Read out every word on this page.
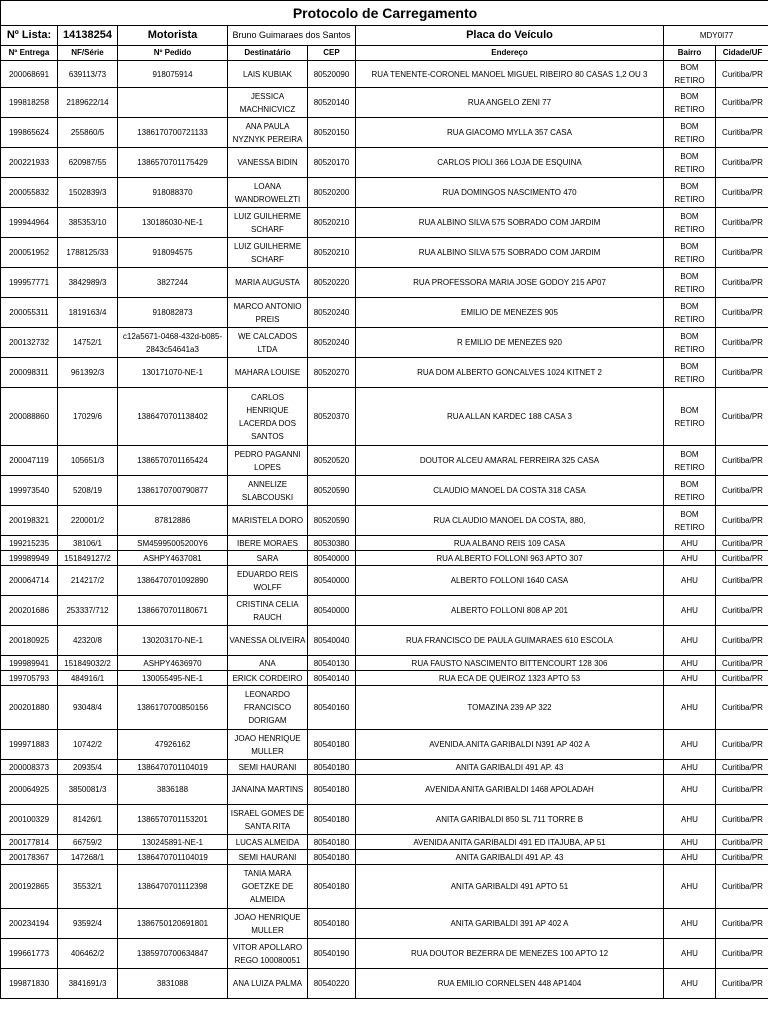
Protocolo de Carregamento							
Nº Lista:	14138254	Motorista	Bruno Guimaraes dos Santos		Placa do Veículo	MDY0I77	
Nº Entrega	NF/Série	Nº Pedido	Destinatário	CEP	Endereço	Bairro	Cidade/UF
200068691	639113/73	918075914	LAIS KUBIAK	80520090	RUA TENENTE-CORONEL MANOEL MIGUEL RIBEIRO 80 CASAS 1,2 OU 3	BOM RETIRO	Curitiba/PR
199818258	2189622/14		JESSICA MACHNICVICZ	80520140	RUA ANGELO ZENI 77	BOM RETIRO	Curitiba/PR
199865624	255860/5	1386170700721133	ANA PAULA NYZNYK PEREIRA	80520150	RUA GIACOMO MYLLA 357 CASA	BOM RETIRO	Curitiba/PR
200221933	620987/55	1386570701175429	VANESSA BIDIN	80520170	CARLOS PIOLI 366 LOJA DE ESQUINA	BOM RETIRO	Curitiba/PR
200055832	1502839/3	918088370	LOANA WANDROWELZTI	80520200	RUA DOMINGOS NASCIMENTO 470	BOM RETIRO	Curitiba/PR
199944964	385353/10	130186030-NE-1	LUIZ GUILHERME SCHARF	80520210	RUA ALBINO SILVA 575 SOBRADO COM JARDIM	BOM RETIRO	Curitiba/PR
200051952	1788125/33	918094575	LUIZ GUILHERME SCHARF	80520210	RUA ALBINO SILVA 575 SOBRADO COM JARDIM	BOM RETIRO	Curitiba/PR
199957771	3842989/3	3827244	MARIA AUGUSTA	80520220	RUA PROFESSORA MARIA JOSE GODOY 215 AP07	BOM RETIRO	Curitiba/PR
200055311	1819163/4	918082873	MARCO ANTONIO PREIS	80520240	EMILIO DE MENEZES 905	BOM RETIRO	Curitiba/PR
200132732	14752/1	c12a5671-0468-432d-b085-2843c54641a3	WE CALCADOS LTDA	80520240	R EMILIO DE MENEZES 920	BOM RETIRO	Curitiba/PR
200098311	961392/3	130171070-NE-1	MAHARA LOUISE	80520270	RUA DOM ALBERTO GONCALVES 1024 KITNET 2	BOM RETIRO	Curitiba/PR
200088860	17029/6	1386470701138402	CARLOS HENRIQUE LACERDA DOS SANTOS	80520370	RUA ALLAN KARDEC 188 CASA 3	BOM RETIRO	Curitiba/PR
200047119	105651/3	1386570701165424	PEDRO PAGANNI LOPES	80520520	DOUTOR ALCEU AMARAL FERREIRA 325 CASA	BOM RETIRO	Curitiba/PR
199973540	5208/19	1386170700790877	ANNELIZE SLABCOUSKI	80520590	CLAUDIO MANOEL DA COSTA 318 CASA	BOM RETIRO	Curitiba/PR
200198321	220001/2	87812886	MARISTELA DORO	80520590	RUA CLAUDIO MANOEL DA COSTA, 880,	BOM RETIRO	Curitiba/PR
199215235	38106/1	SM45995005200Y6	IBERE MORAES	80530380	RUA ALBANO REIS 109 CASA	AHU	Curitiba/PR
199989949	151849127/2	ASHPY4637081	SARA	80540000	RUA ALBERTO FOLLONI 963 APTO 307	AHU	Curitiba/PR
200064714	214217/2	1386470701092890	EDUARDO REIS WOLFF	80540000	ALBERTO FOLLONI 1640 CASA	AHU	Curitiba/PR
200201686	253337/712	1386670701180671	CRISTINA CELIA RAUCH	80540000	ALBERTO FOLLONI 808 AP 201	AHU	Curitiba/PR
200180925	42320/8	130203170-NE-1	VANESSA OLIVEIRA	80540040	RUA FRANCISCO DE PAULA GUIMARAES 610 ESCOLA	AHU	Curitiba/PR
199989941	151849032/2	ASHPY4636970	ANA	80540130	RUA FAUSTO NASCIMENTO BITTENCOURT 128 306	AHU	Curitiba/PR
199705793	484916/1	130055495-NE-1	ERICK CORDEIRO	80540140	RUA ECA DE QUEIROZ 1323 APTO 53	AHU	Curitiba/PR
200201880	93048/4	1386170700850156	LEONARDO FRANCISCO DORIGAM	80540160	TOMAZINA 239 AP 322	AHU	Curitiba/PR
199971883	10742/2	47926162	JOAO HENRIQUE MULLER	80540180	AVENIDA.ANITA GARIBALDI N391 AP 402 A	AHU	Curitiba/PR
200008373	20935/4	1386470701104019	SEMI HAURANI	80540180	ANITA GARIBALDI 491 AP. 43	AHU	Curitiba/PR
200064925	3850081/3	3836188	JANAINA MARTINS	80540180	AVENIDA ANITA GARIBALDI 1468 APOLADAH	AHU	Curitiba/PR
200100329	81426/1	1386570701153201	ISRAEL GOMES DE SANTA RITA	80540180	ANITA GARIBALDI 850 SL 711 TORRE B	AHU	Curitiba/PR
200177814	66759/2	130245891-NE-1	LUCAS ALMEIDA	80540180	AVENIDA ANITA GARIBALDI 491 ED ITAJUBA, AP 51	AHU	Curitiba/PR
200178367	147268/1	1386470701104019	SEMI HAURANI	80540180	ANITA GARIBALDI 491 AP. 43	AHU	Curitiba/PR
200192865	35532/1	1386470701112398	TANIA MARA GOETZKE DE ALMEIDA	80540180	ANITA GARIBALDI 491 APTO 51	AHU	Curitiba/PR
200234194	93592/4	1386750120691801	JOAO HENRIQUE MULLER	80540180	ANITA GARIBALDI 391 AP 402 A	AHU	Curitiba/PR
199661773	406462/2	1385970700634847	VITOR APOLLARO REGO 100080051	80540190	RUA DOUTOR BEZERRA DE MENEZES 100 APTO 12	AHU	Curitiba/PR
199871830	3841691/3	3831088	ANA LUIZA PALMA	80540220	RUA EMILIO CORNELSEN 448 AP1404	AHU	Curitiba/PR
